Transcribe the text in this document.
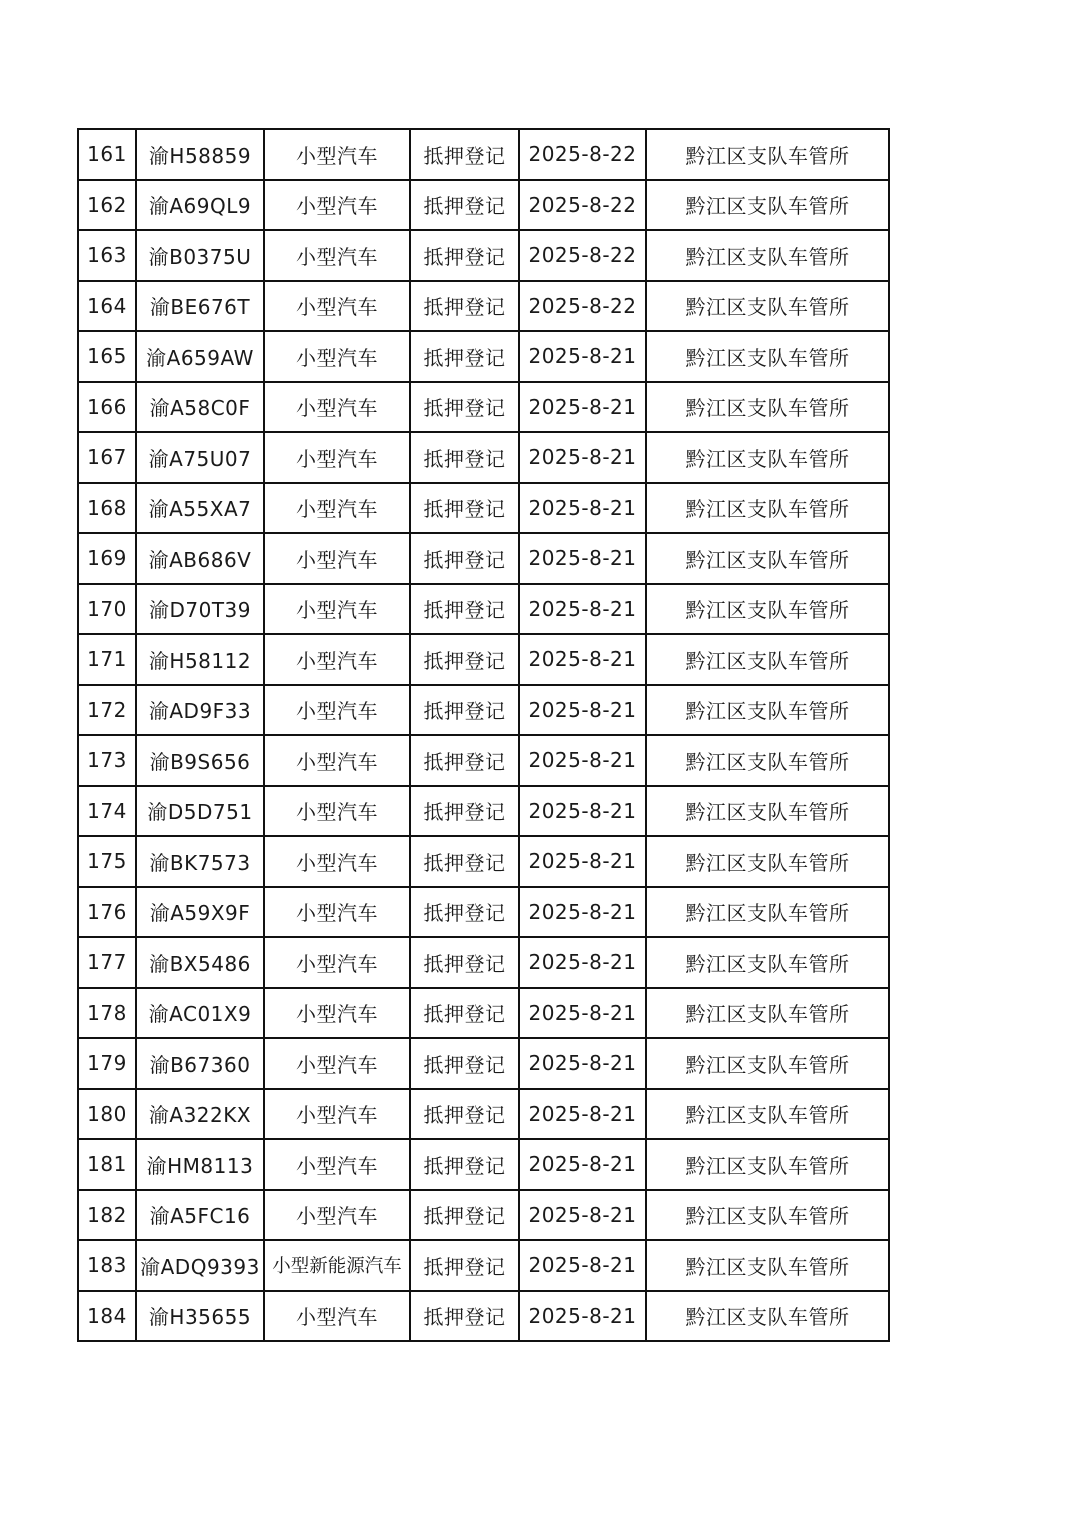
161	渝H58859	小型汽车	抵押登记	2025-8-22	黔江区支队车管所
162	渝A69QL9	小型汽车	抵押登记	2025-8-22	黔江区支队车管所
163	渝B0375U	小型汽车	抵押登记	2025-8-22	黔江区支队车管所
164	渝BE676T	小型汽车	抵押登记	2025-8-22	黔江区支队车管所
165	渝A659AW	小型汽车	抵押登记	2025-8-21	黔江区支队车管所
166	渝A58C0F	小型汽车	抵押登记	2025-8-21	黔江区支队车管所
167	渝A75U07	小型汽车	抵押登记	2025-8-21	黔江区支队车管所
168	渝A55XA7	小型汽车	抵押登记	2025-8-21	黔江区支队车管所
169	渝AB686V	小型汽车	抵押登记	2025-8-21	黔江区支队车管所
170	渝D70T39	小型汽车	抵押登记	2025-8-21	黔江区支队车管所
171	渝H58112	小型汽车	抵押登记	2025-8-21	黔江区支队车管所
172	渝AD9F33	小型汽车	抵押登记	2025-8-21	黔江区支队车管所
173	渝B9S656	小型汽车	抵押登记	2025-8-21	黔江区支队车管所
174	渝D5D751	小型汽车	抵押登记	2025-8-21	黔江区支队车管所
175	渝BK7573	小型汽车	抵押登记	2025-8-21	黔江区支队车管所
176	渝A59X9F	小型汽车	抵押登记	2025-8-21	黔江区支队车管所
177	渝BX5486	小型汽车	抵押登记	2025-8-21	黔江区支队车管所
178	渝AC01X9	小型汽车	抵押登记	2025-8-21	黔江区支队车管所
179	渝B67360	小型汽车	抵押登记	2025-8-21	黔江区支队车管所
180	渝A322KX	小型汽车	抵押登记	2025-8-21	黔江区支队车管所
181	渝HM8113	小型汽车	抵押登记	2025-8-21	黔江区支队车管所
182	渝A5FC16	小型汽车	抵押登记	2025-8-21	黔江区支队车管所
183	渝ADQ9393	小型新能源汽车	抵押登记	2025-8-21	黔江区支队车管所
184	渝H35655	小型汽车	抵押登记	2025-8-21	黔江区支队车管所
